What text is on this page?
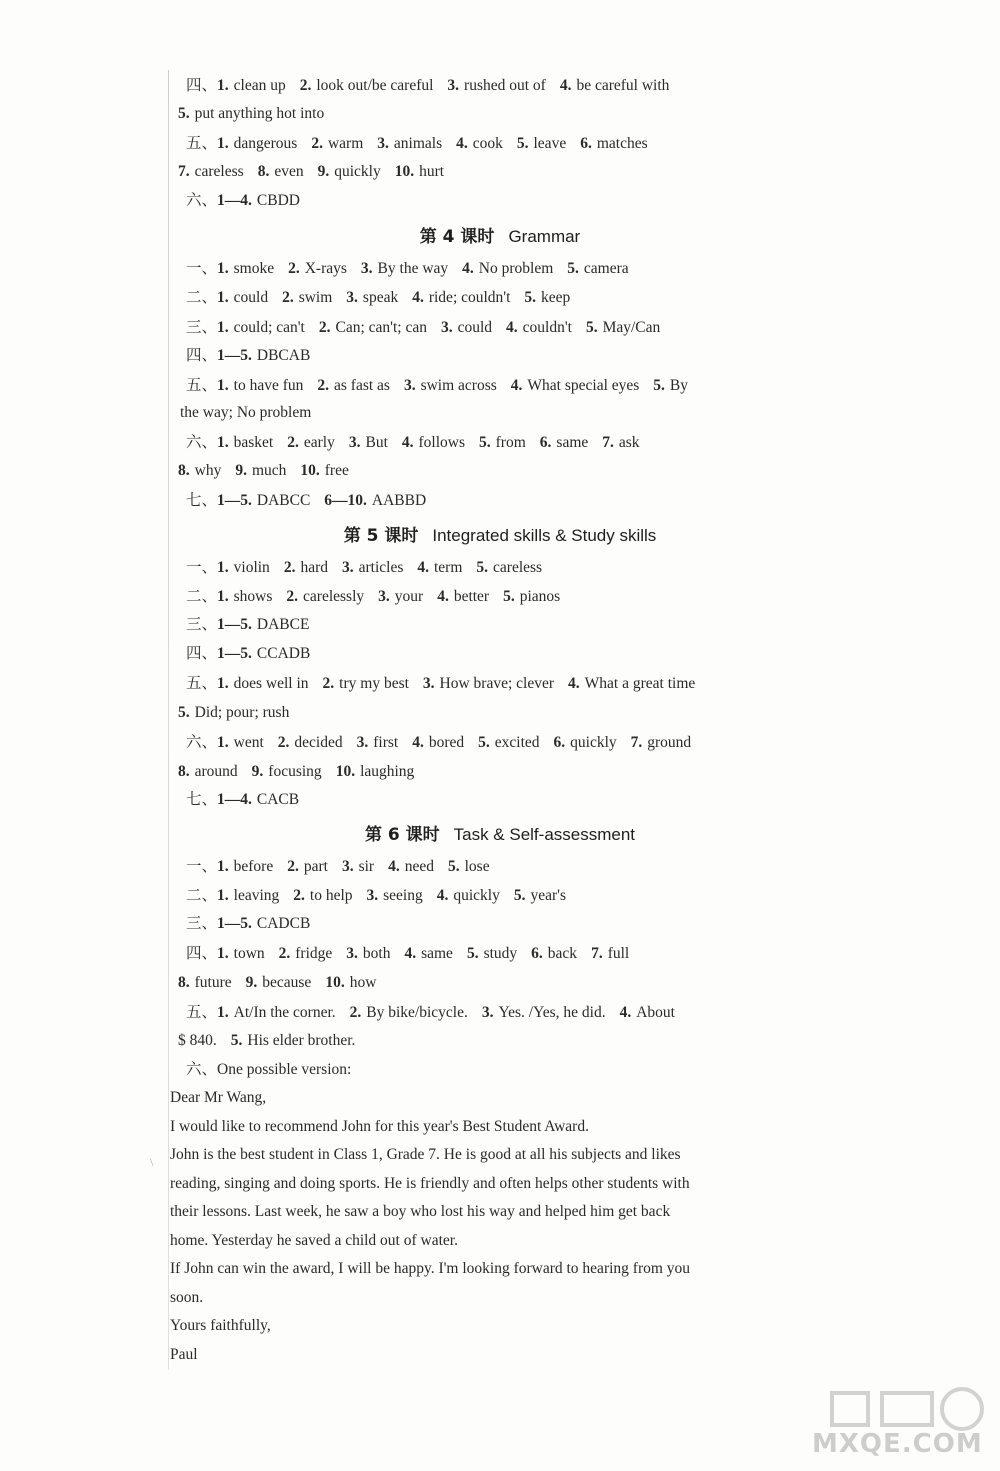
四、1. clean up 2. look out/be careful 3. rushed out of 4. be careful with
5. put anything hot into
五、1. dangerous 2. warm 3. animals 4. cook 5. leave 6. matches
7. careless 8. even 9. quickly 10. hurt
六、1—4. CBDD
第 4 课时 Grammar
一、1. smoke 2. X-rays 3. By the way 4. No problem 5. camera
二、1. could 2. swim 3. speak 4. ride; couldn't 5. keep
三、1. could; can't 2. Can; can't; can 3. could 4. couldn't 5. May/Can
四、1—5. DBCAB
五、1. to have fun 2. as fast as 3. swim across 4. What special eyes 5. By
the way; No problem
六、1. basket 2. early 3. But 4. follows 5. from 6. same 7. ask
8. why 9. much 10. free
七、1—5. DABCC 6—10. AABBD
第 5 课时 Integrated skills & Study skills
一、1. violin 2. hard 3. articles 4. term 5. careless
二、1. shows 2. carelessly 3. your 4. better 5. pianos
三、1—5. DABCE
四、1—5. CCADB
五、1. does well in 2. try my best 3. How brave; clever 4. What a great time
5. Did; pour; rush
六、1. went 2. decided 3. first 4. bored 5. excited 6. quickly 7. ground
8. around 9. focusing 10. laughing
七、1—4. CACB
第 6 课时 Task & Self-assessment
一、1. before 2. part 3. sir 4. need 5. lose
二、1. leaving 2. to help 3. seeing 4. quickly 5. year's
三、1—5. CADCB
四、1. town 2. fridge 3. both 4. same 5. study 6. back 7. full
8. future 9. because 10. how
五、1. At/In the corner. 2. By bike/bicycle. 3. Yes. /Yes, he did. 4. About
$ 840. 5. His elder brother.
六、One possible version:

Dear Mr Wang,

I would like to recommend John for this year's Best Student Award.

John is the best student in Class 1, Grade 7. He is good at all his subjects and likes

reading, singing and doing sports. He is friendly and often helps other students with

their lessons. Last week, he saw a boy who lost his way and helped him get back

home. Yesterday he saved a child out of water.

If John can win the award, I will be happy. I'm looking forward to hearing from you

soon.

Yours faithfully,

Paul

\
MXQE.COM
